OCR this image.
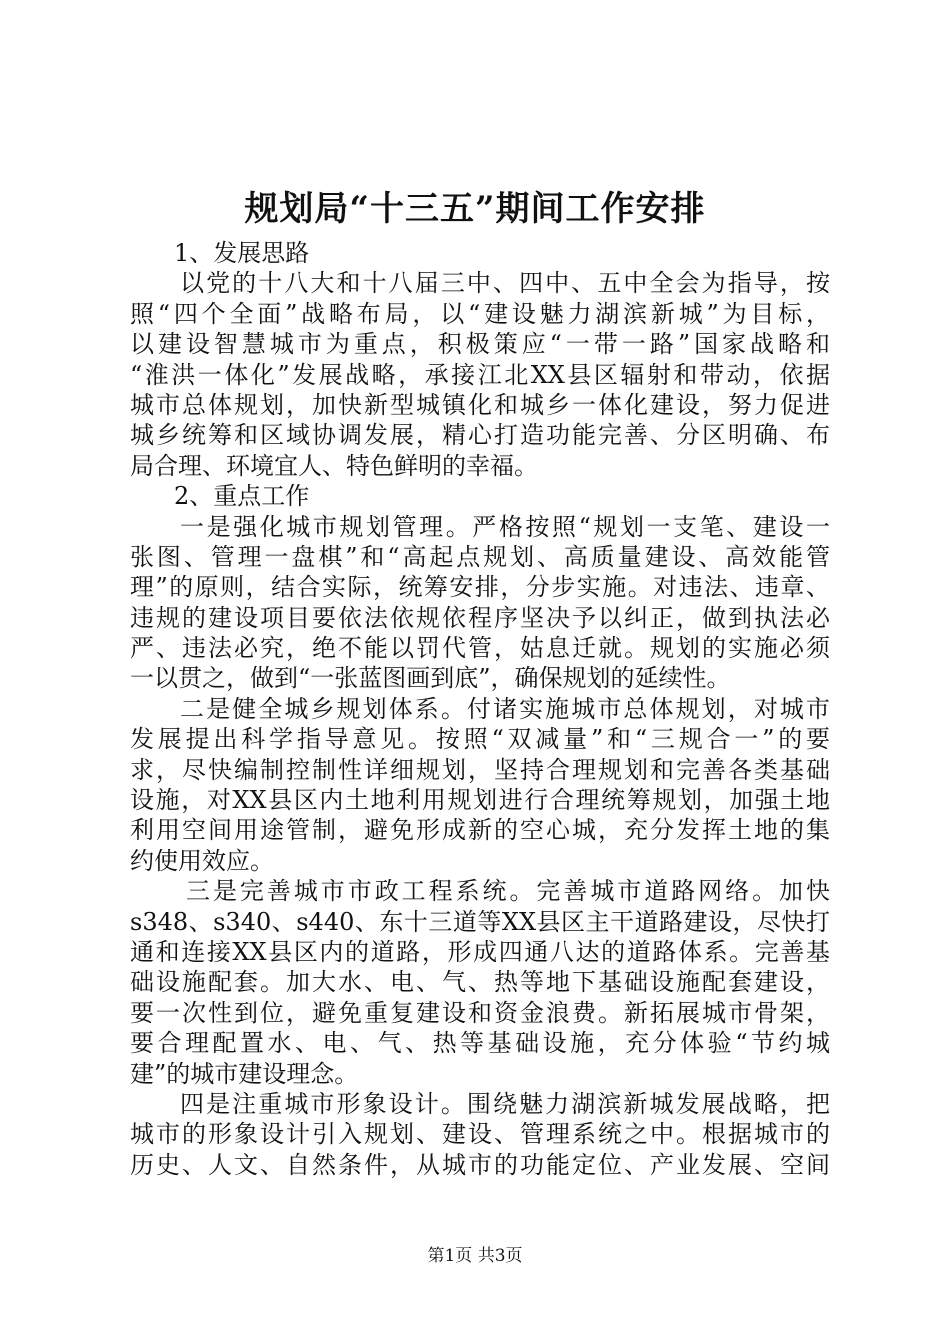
规划局“十三五”期间工作安排
1、发展思路
以党的十八大和十八届三中、四中、五中全会为指导，按
照“四个全面”战略布局，以“建设魅力湖滨新城”为目标，
以建设智慧城市为重点，积极策应“一带一路”国家战略和
“淮洪一体化”发展战略，承接江北XX县区辐射和带动，依据
城市总体规划，加快新型城镇化和城乡一体化建设，努力促进
城乡统筹和区域协调发展，精心打造功能完善、分区明确、布
局合理、环境宜人、特色鲜明的幸福。
2、重点工作
一是强化城市规划管理。严格按照“规划一支笔、建设一
张图、管理一盘棋”和“高起点规划、高质量建设、高效能管
理”的原则，结合实际，统筹安排，分步实施。对违法、违章、
违规的建设项目要依法依规依程序坚决予以纠正，做到执法必
严、违法必究，绝不能以罚代管，姑息迁就。规划的实施必须
一以贯之，做到“一张蓝图画到底”，确保规划的延续性。
二是健全城乡规划体系。付诸实施城市总体规划，对城市
发展提出科学指导意见。按照“双减量”和“三规合一”的要
求，尽快编制控制性详细规划，坚持合理规划和完善各类基础
设施，对XX县区内土地利用规划进行合理统筹规划，加强土地
利用空间用途管制，避免形成新的空心城，充分发挥土地的集
约使用效应。
三是完善城市市政工程系统。完善城市道路网络。加快
s348、s340、s440、东十三道等XX县区主干道路建设，尽快打
通和连接XX县区内的道路，形成四通八达的道路体系。完善基
础设施配套。加大水、电、气、热等地下基础设施配套建设，
要一次性到位，避免重复建设和资金浪费。新拓展城市骨架，
要合理配置水、电、气、热等基础设施，充分体验“节约城
建”的城市建设理念。
四是注重城市形象设计。围绕魅力湖滨新城发展战略，把
城市的形象设计引入规划、建设、管理系统之中。根据城市的
历史、人文、自然条件，从城市的功能定位、产业发展、空间
第1页 共3页
